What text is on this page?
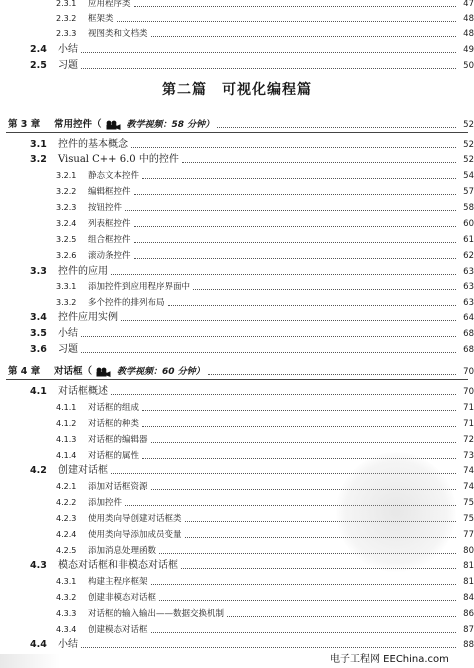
2.3.1	应用程序类	47
2.3.2	框架类	48
2.3.3	视图类和文档类	48
2.4	小结	49
2.5	习题	50
第二篇　可视化编程篇
第 3 章	常用控件（	教学视频：58 分钟）	52
3.1	控件的基本概念	52
3.2	Visual C++ 6.0 中的控件	52
3.2.1	静态文本控件	54
3.2.2	编辑框控件	57
3.2.3	按钮控件	58
3.2.4	列表框控件	60
3.2.5	组合框控件	61
3.2.6	滚动条控件	62
3.3	控件的应用	63
3.3.1	添加控件到应用程序界面中	63
3.3.2	多个控件的排列布局	63
3.4	控件应用实例	64
3.5	小结	68
3.6	习题	68
第 4 章	对话框（	教学视频：60 分钟）	70
4.1	对话框概述	70
4.1.1	对话框的组成	71
4.1.2	对话框的种类	71
4.1.3	对话框的编辑器	72
4.1.4	对话框的属性	73
4.2	创建对话框	74
4.2.1	添加对话框资源	74
4.2.2	添加控件	75
4.2.3	使用类向导创建对话框类	75
4.2.4	使用类向导添加成员变量	77
4.2.5	添加消息处理函数	80
4.3	模态对话框和非模态对话框	81
4.3.1	构建主程序框架	81
4.3.2	创建非模态对话框	84
4.3.3	对话框的输入输出——数据交换机制	86
4.3.4	创建模态对话框	87
4.4	小结	88
电子工程网 EEChina.com
